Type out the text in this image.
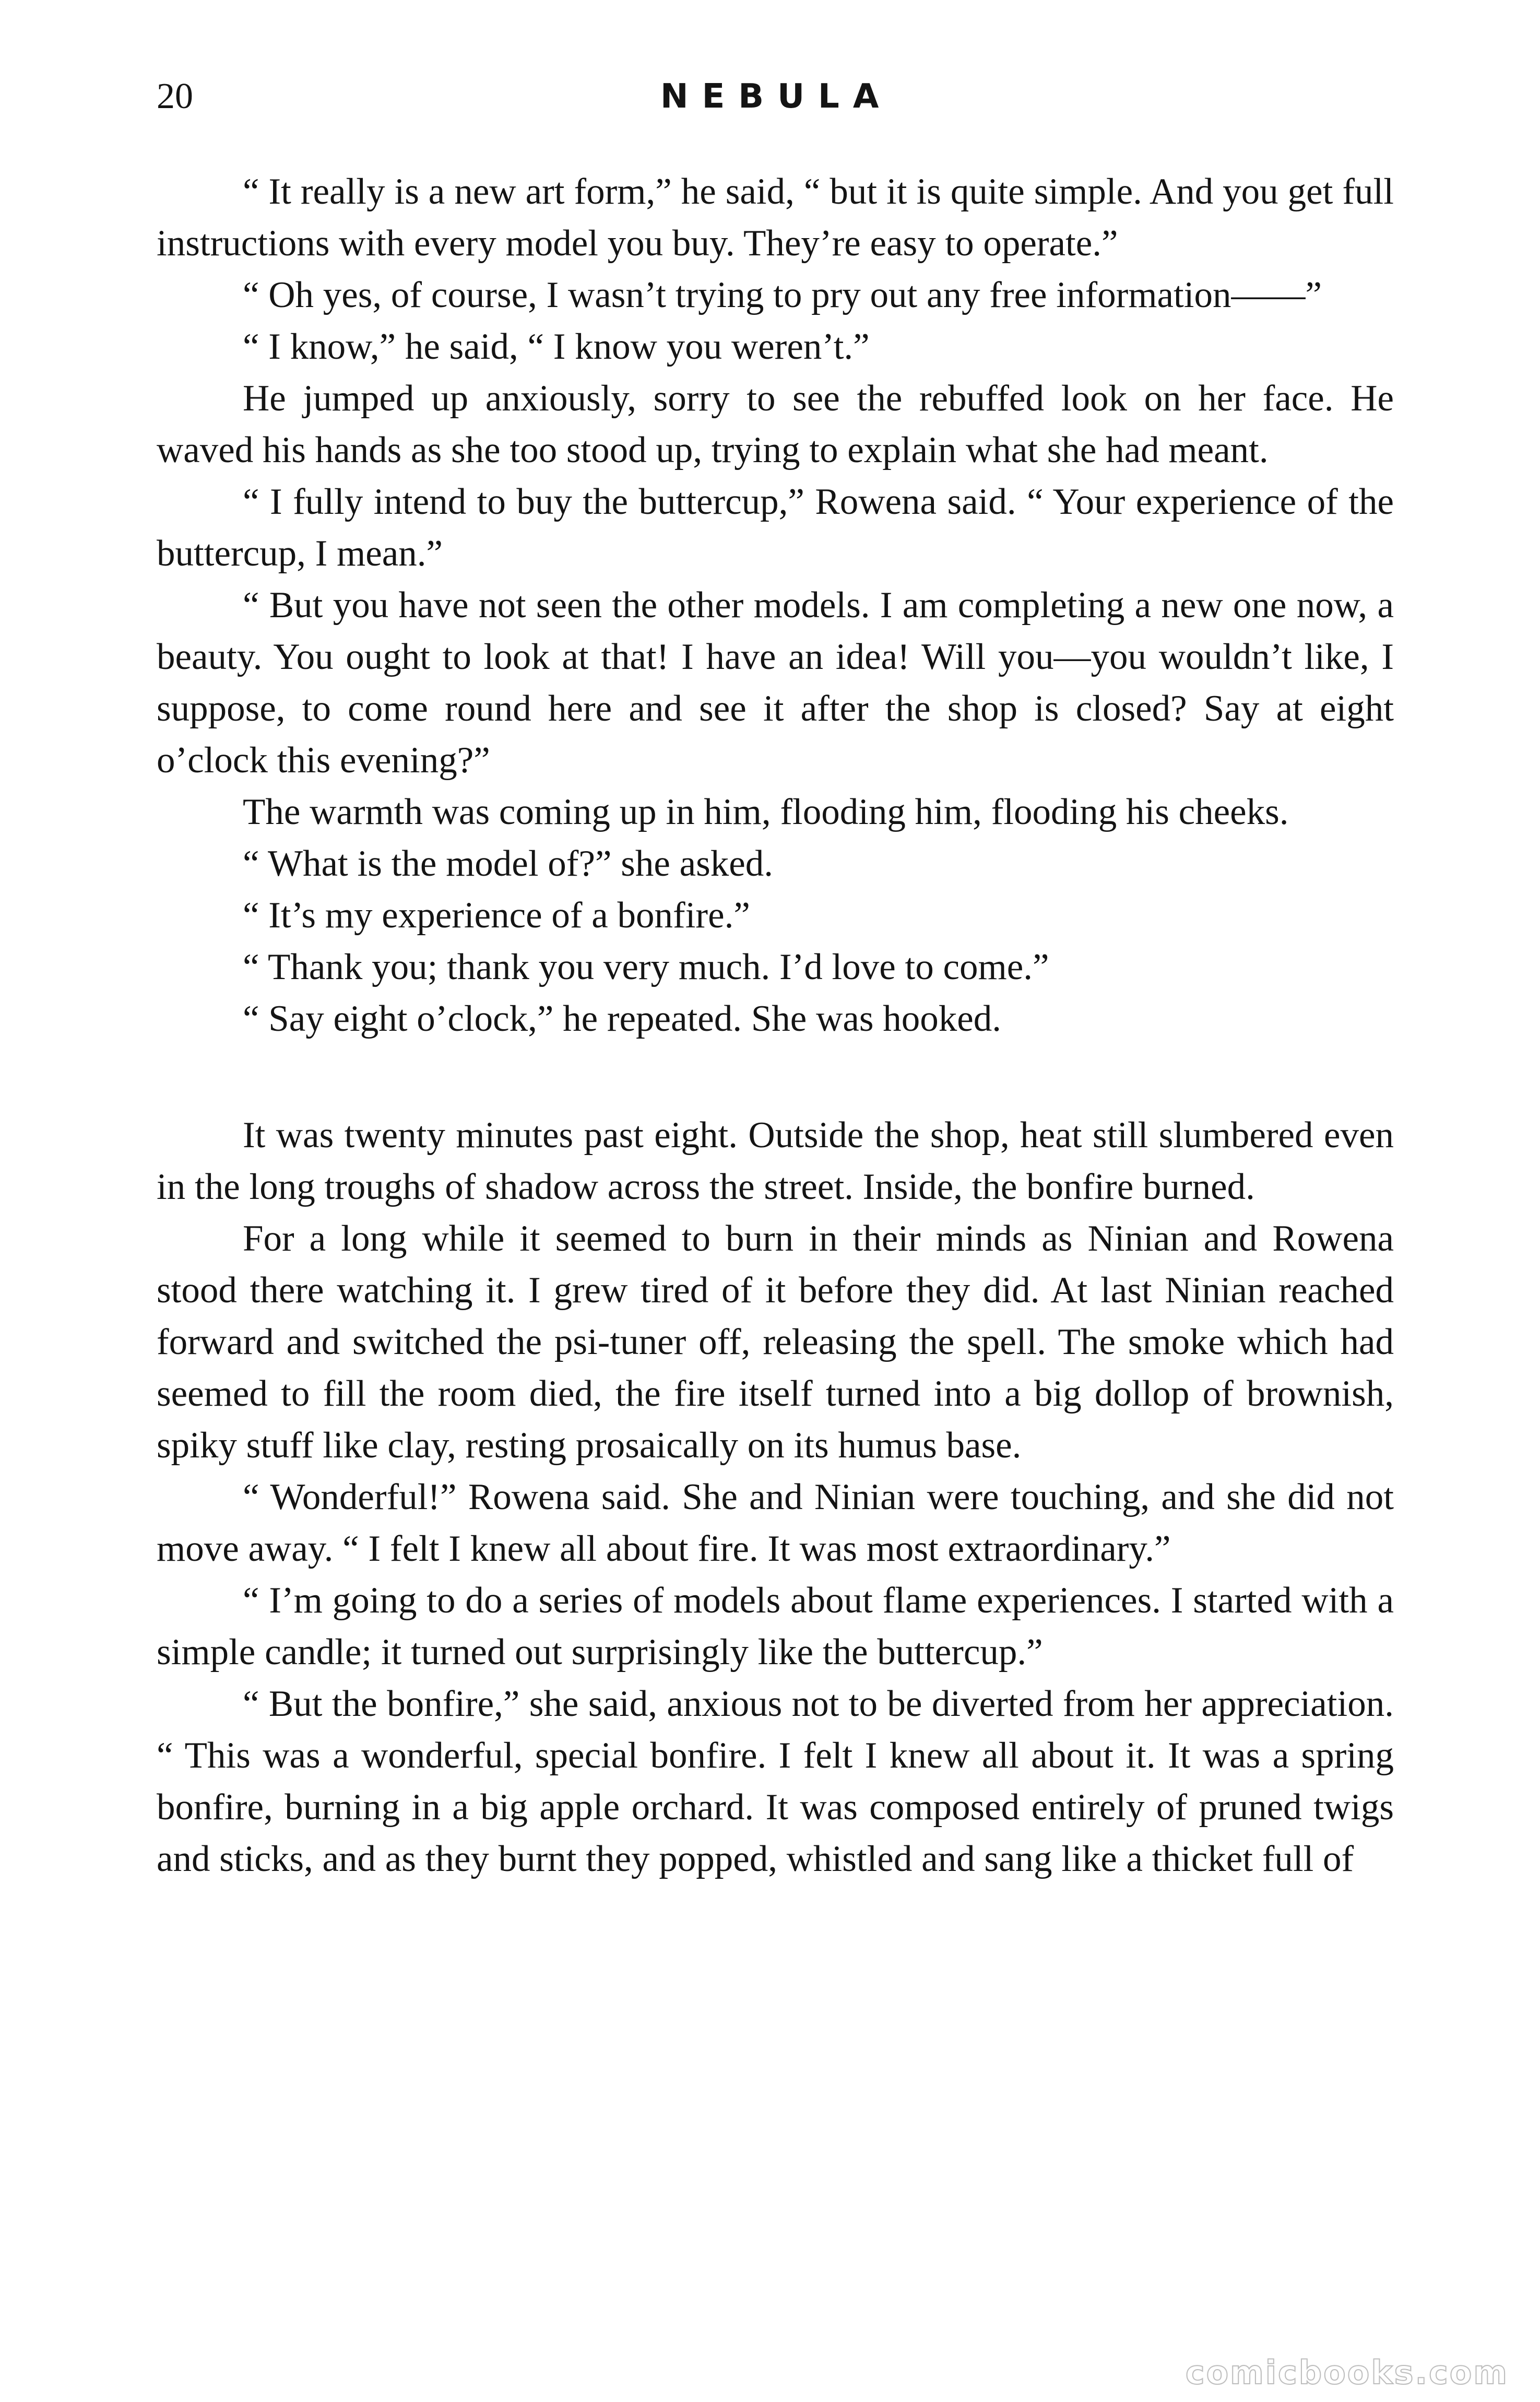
20	NEBULA

“ It really is a new art form,” he said, “ but it is quite simple. And you get full instructions with every model you buy. They’re easy to operate.”

“ Oh yes, of course, I wasn’t trying to pry out any free information——”

“ I know,” he said, “ I know you weren’t.”

He jumped up anxiously, sorry to see the rebuffed look on her face. He waved his hands as she too stood up, trying to explain what she had meant.

“ I fully intend to buy the buttercup,” Rowena said. “ Your experience of the buttercup, I mean.”

“ But you have not seen the other models. I am completing a new one now, a beauty. You ought to look at that! I have an idea! Will you—you wouldn’t like, I suppose, to come round here and see it after the shop is closed? Say at eight o’clock this evening?”

The warmth was coming up in him, flooding him, flooding his cheeks.

“ What is the model of?” she asked.

“ It’s my experience of a bonfire.”

“ Thank you; thank you very much. I’d love to come.”

“ Say eight o’clock,” he repeated. She was hooked.

It was twenty minutes past eight. Outside the shop, heat still slumbered even in the long troughs of shadow across the street. Inside, the bonfire burned.

For a long while it seemed to burn in their minds as Ninian and Rowena stood there watching it. I grew tired of it before they did. At last Ninian reached forward and switched the psi-tuner off, releasing the spell. The smoke which had seemed to fill the room died, the fire itself turned into a big dollop of brownish, spiky stuff like clay, resting prosaically on its humus base.

“ Wonderful!” Rowena said. She and Ninian were touching, and she did not move away. “ I felt I knew all about fire. It was most extraordinary.”

“ I’m going to do a series of models about flame experiences. I started with a simple candle; it turned out surprisingly like the buttercup.”

“ But the bonfire,” she said, anxious not to be diverted from her appreciation. “ This was a wonderful, special bonfire. I felt I knew all about it. It was a spring bonfire, burning in a big apple orchard. It was composed entirely of pruned twigs and sticks, and as they burnt they popped, whistled and sang like a thicket full of

comicbooks.com
